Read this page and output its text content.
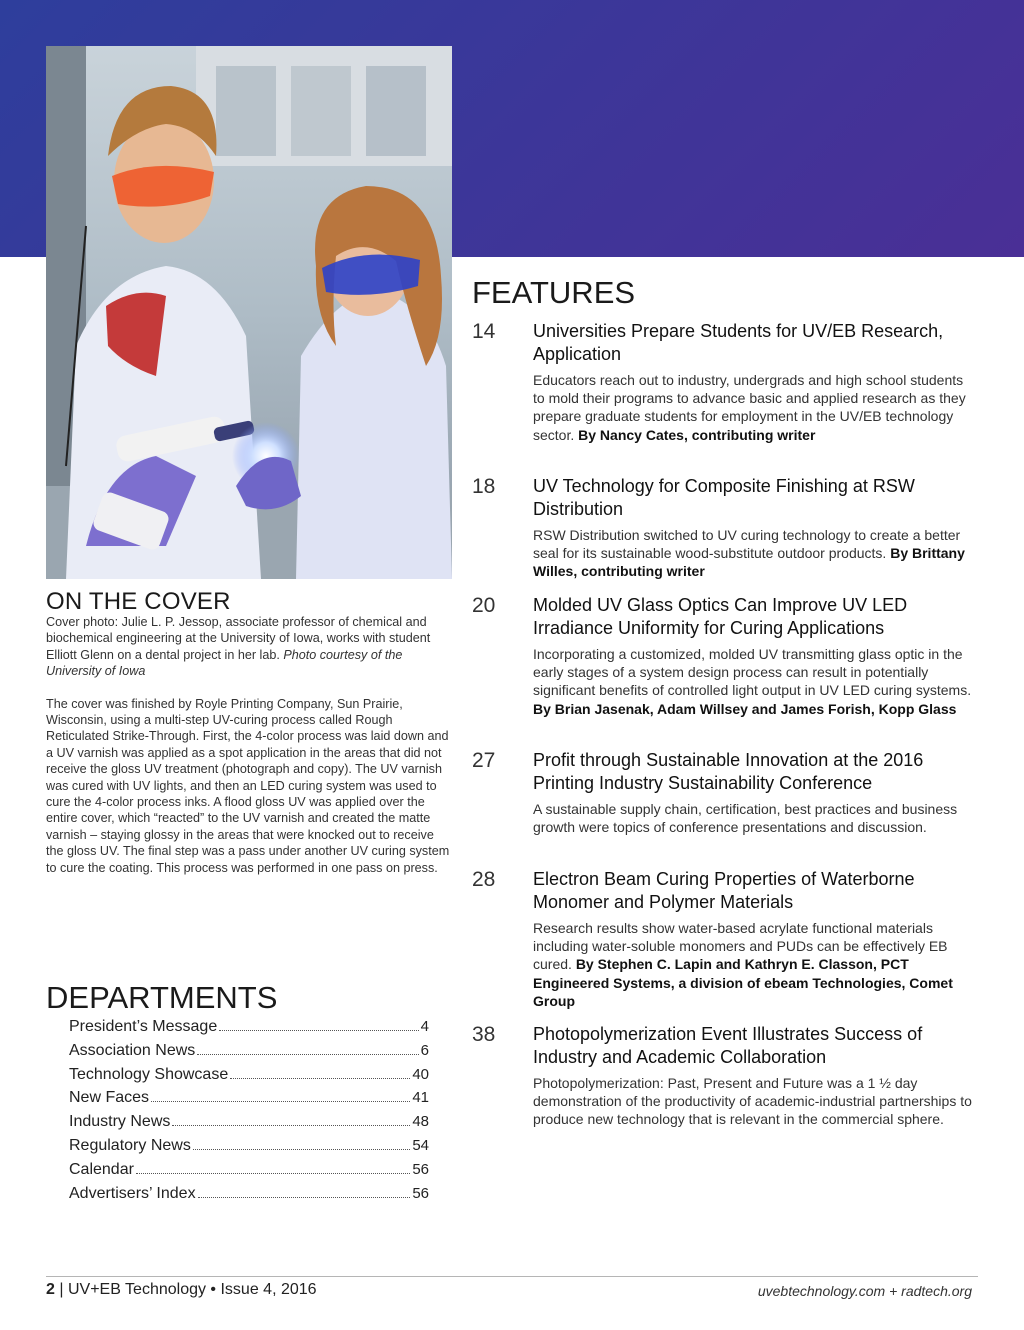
ON THE COVER

Cover photo: Julie L. P. Jessop, associate professor of chemical and biochemical engineering at the University of Iowa, works with student Elliott Glenn on a dental project in her lab. Photo courtesy of the University of Iowa

The cover was finished by Royle Printing Company, Sun Prairie, Wisconsin, using a multi-step UV-curing process called Rough Reticulated Strike-Through. First, the 4-color process was laid down and a UV varnish was applied as a spot application in the areas that did not receive the gloss UV treatment (photograph and copy). The UV varnish was cured with UV lights, and then an LED curing system was used to cure the 4-color process inks. A flood gloss UV was applied over the entire cover, which “reacted” to the UV varnish and created the matte varnish – staying glossy in the areas that were knocked out to receive the gloss UV. The final step was a pass under another UV curing system to cure the coating. This process was performed in one pass on press.

DEPARTMENTS
President’s Message	4
Association News	6
Technology Showcase	40
New Faces	41
Industry News	48
Regulatory News	54
Calendar	56
Advertisers’ Index	56
FEATURES
14 Universities Prepare Students for UV/EB Research, Application
Educators reach out to industry, undergrads and high school students to mold their programs to advance basic and applied research as they prepare graduate students for employment in the UV/EB technology sector. By Nancy Cates, contributing writer
18 UV Technology for Composite Finishing at RSW Distribution
RSW Distribution switched to UV curing technology to create a better seal for its sustainable wood-substitute outdoor products. By Brittany Willes, contributing writer
20 Molded UV Glass Optics Can Improve UV LED Irradiance Uniformity for Curing Applications
Incorporating a customized, molded UV transmitting glass optic in the early stages of a system design process can result in potentially significant benefits of controlled light output in UV LED curing systems. By Brian Jasenak, Adam Willsey and James Forish, Kopp Glass
27 Profit through Sustainable Innovation at the 2016 Printing Industry Sustainability Conference
A sustainable supply chain, certification, best practices and business growth were topics of conference presentations and discussion.
28 Electron Beam Curing Properties of Waterborne Monomer and Polymer Materials
Research results show water-based acrylate functional materials including water-soluble monomers and PUDs can be effectively EB cured. By Stephen C. Lapin and Kathryn E. Classon, PCT Engineered Systems, a division of ebeam Technologies, Comet Group
38 Photopolymerization Event Illustrates Success of Industry and Academic Collaboration
Photopolymerization: Past, Present and Future was a 1 ½ day demonstration of the productivity of academic-industrial partnerships to produce new technology that is relevant in the commercial sphere.
2 | UV+EB Technology • Issue 4, 2016	uvebtechnology.com + radtech.org
